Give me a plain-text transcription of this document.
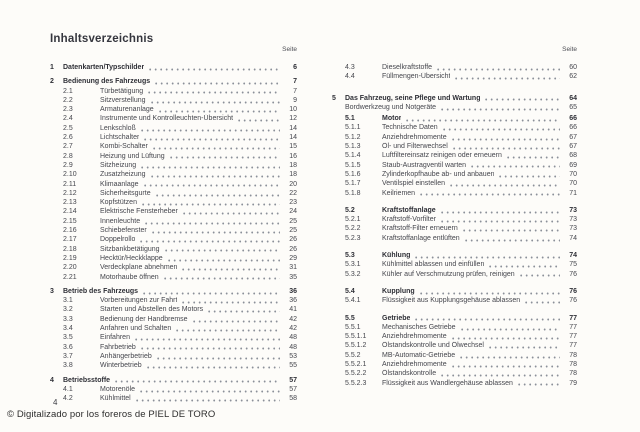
Inhaltsverzeichnis
Seite
1	Datenkarten/Typschilder	6
2	Bedienung des Fahrzeugs	7
2.1	Türbetätigung	7
2.2	Sitzverstellung	9
2.3	Armaturenanlage	10
2.4	Instrumente und Kontrolleuchten-Übersicht	12
2.5	Lenkschloß	14
2.6	Lichtschalter	14
2.7	Kombi-Schalter	15
2.8	Heizung und Lüftung	16
2.9	Sitzheizung	18
2.10	Zusatzheizung	18
2.11	Klimaanlage	20
2.12	Sicherheitsgurte	22
2.13	Kopfstützen	23
2.14	Elektrische Fensterheber	24
2.15	Innenleuchte	25
2.16	Schiebefenster	25
2.17	Doppelrollo	26
2.18	Sitzbankbetätigung	26
2.19	Hecktür/Heckklappe	29
2.20	Verdeckplane abnehmen	31
2.21	Motorhaube öffnen	35
3	Betrieb des Fahrzeugs	36
3.1	Vorbereitungen zur Fahrt	36
3.2	Starten und Abstellen des Motors	41
3.3	Bedienung der Handbremse	42
3.4	Anfahren und Schalten	42
3.5	Einfahren	48
3.6	Fahrbetrieb	48
3.7	Anhängerbetrieb	53
3.8	Winterbetrieb	55
4	Betriebsstoffe	57
4.1	Motorenöle	57
4.2	Kühlmittel	58
Seite
4.3	Dieselkraftstoffe	60
4.4	Füllmengen-Übersicht	62
5	Das Fahrzeug, seine Pflege und Wartung	64
Bordwerkzeug und Notgeräte	65
5.1	Motor	66
5.1.1	Technische Daten	66
5.1.2	Anziehdrehmomente	67
5.1.3	Öl- und Filterwechsel	67
5.1.4	Luftfiltereinsatz reinigen oder erneuern	68
5.1.5	Staub-Austragventil warten	69
5.1.6	Zylinderkopfhaube ab- und anbauen	70
5.1.7	Ventilspiel einstellen	70
5.1.8	Keilriemen	71
5.2	Kraftstoffanlage	73
5.2.1	Kraftstoff-Vorfilter	73
5.2.2	Kraftstoff-Filter erneuern	73
5.2.3	Kraftstoffanlage entlüften	74
5.3	Kühlung	74
5.3.1	Kühlmittel ablassen und einfüllen	75
5.3.2	Kühler auf Verschmutzung prüfen, reinigen	76
5.4	Kupplung	76
5.4.1	Flüssigkeit aus Kupplungsgehäuse ablassen	76
5.5	Getriebe	77
5.5.1	Mechanisches Getriebe	77
5.5.1.1	Anziehdrehmomente	77
5.5.1.2	Ölstandskontrolle und Ölwechsel	77
5.5.2	MB-Automatic-Getriebe	78
5.5.2.1	Anziehdrehmomente	78
5.5.2.2	Ölstandskontrolle	78
5.5.2.3	Flüssigkeit aus Wandlergehäuse ablassen	79
4
© Digitalizado por los foreros de PIEL DE TORO
